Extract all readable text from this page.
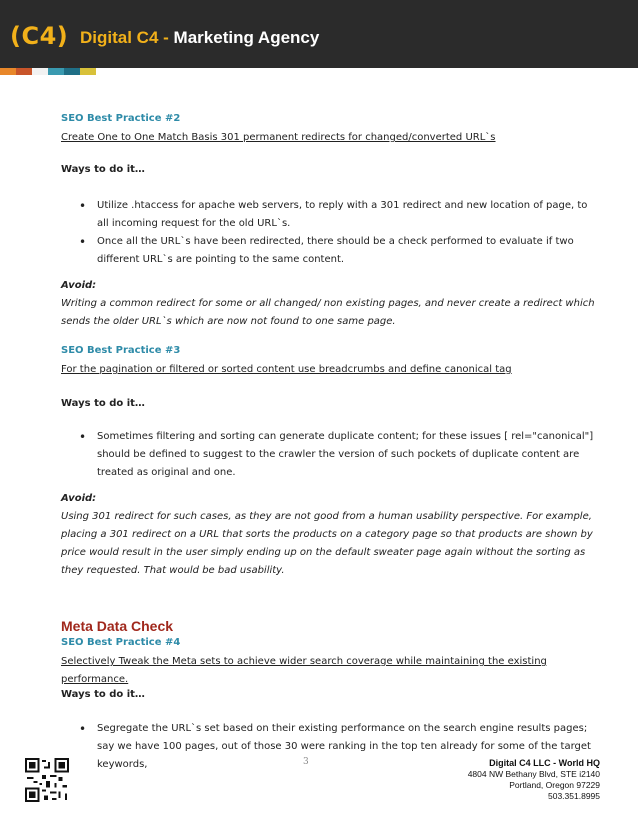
(C4) Digital C4 - Marketing Agency
SEO Best Practice #2
Create One to One Match Basis 301 permanent redirects for changed/converted URL`s
Ways to do it…
• Utilize .htaccess for apache web servers, to reply with a 301 redirect and new location of page, to all incoming request for the old URL`s.
• Once all the URL`s have been redirected, there should be a check performed to evaluate if two different URL`s are pointing to the same content.
Avoid:
Writing a common redirect for some or all changed/ non existing pages, and never create a redirect which sends the older URL`s which are now not found to one same page.
SEO Best Practice #3
For the pagination or filtered or sorted content use breadcrumbs and define canonical tag
Ways to do it…
• Sometimes filtering and sorting can generate duplicate content; for these issues [ rel="canonical"] should be defined to suggest to the crawler the version of such pockets of duplicate content are treated as original and one.
Avoid:
Using 301 redirect for such cases, as they are not good from a human usability perspective. For example, placing a 301 redirect on a URL that sorts the products on a category page so that products are shown by price would result in the user simply ending up on the default sweater page again without the sorting as they requested. That would be bad usability.
Meta Data Check
SEO Best Practice #4
Selectively Tweak the Meta sets to achieve wider search coverage while maintaining the existing performance.
Ways to do it…
• Segregate the URL`s set based on their existing performance on the search engine results pages; say we have 100 pages, out of those 30 were ranking in the top ten already for some of the target keywords,	3	Digital C4 LLC - World HQ
4804 NW Bethany Blvd, STE i2140
Portland, Oregon 97229
503.351.8995
